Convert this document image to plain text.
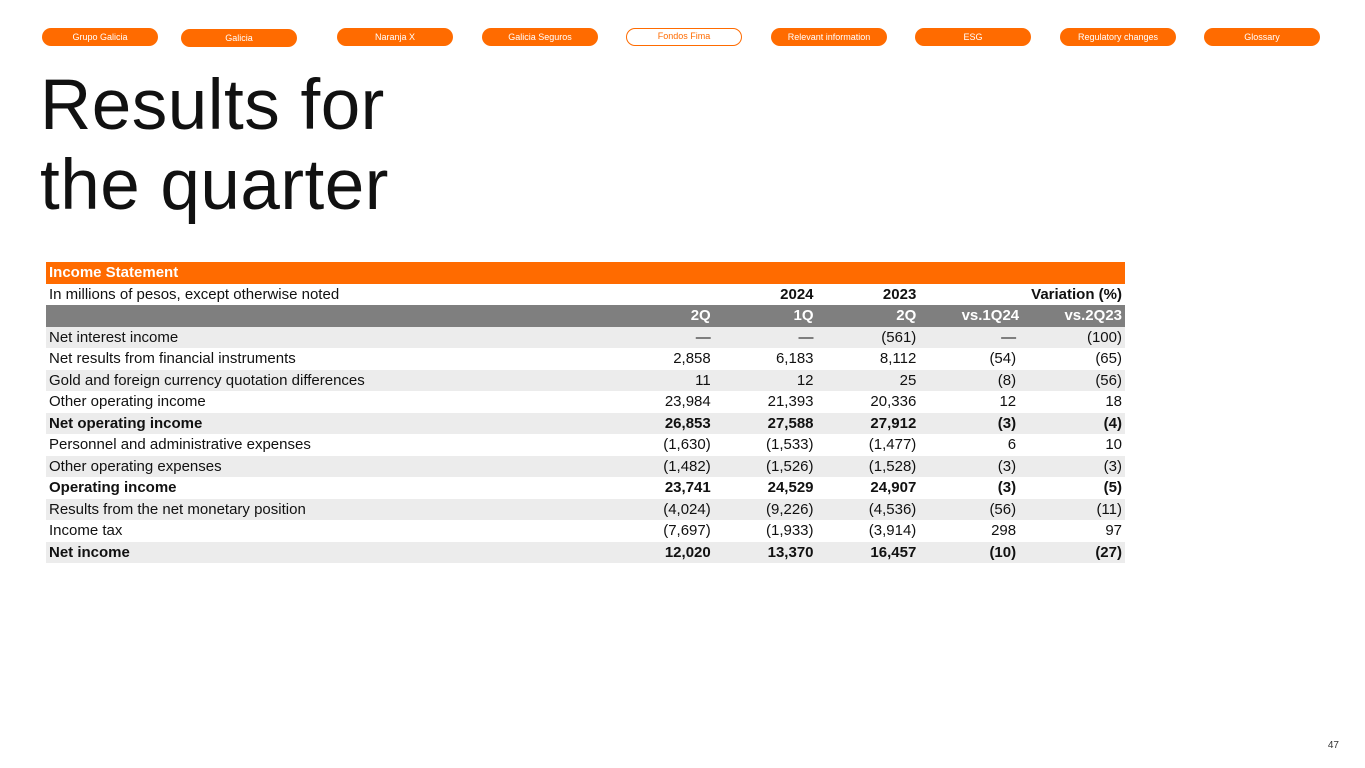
Grupo Galicia	Galicia	Naranja X	Galicia Seguros	Fondos Fima	Relevant information	ESG	Regulatory changes	Glossary
Results for
the quarter
Income Statement					
In millions of pesos, except otherwise noted		2024	2023	Variation (%)	
	2Q	1Q	2Q	vs.1Q24	vs.2Q23
Net interest income	—	—	(561)	—	(100)
Net results from financial instruments	2,858	6,183	8,112	(54)	(65)
Gold and foreign currency quotation differences	11	12	25	(8)	(56)
Other operating income	23,984	21,393	20,336	12	18
Net operating income	26,853	27,588	27,912	(3)	(4)
Personnel and administrative expenses	(1,630)	(1,533)	(1,477)	6	10
Other operating expenses	(1,482)	(1,526)	(1,528)	(3)	(3)
Operating income	23,741	24,529	24,907	(3)	(5)
Results from the net monetary position	(4,024)	(9,226)	(4,536)	(56)	(11)
Income tax	(7,697)	(1,933)	(3,914)	298	97
Net income	12,020	13,370	16,457	(10)	(27)
47
